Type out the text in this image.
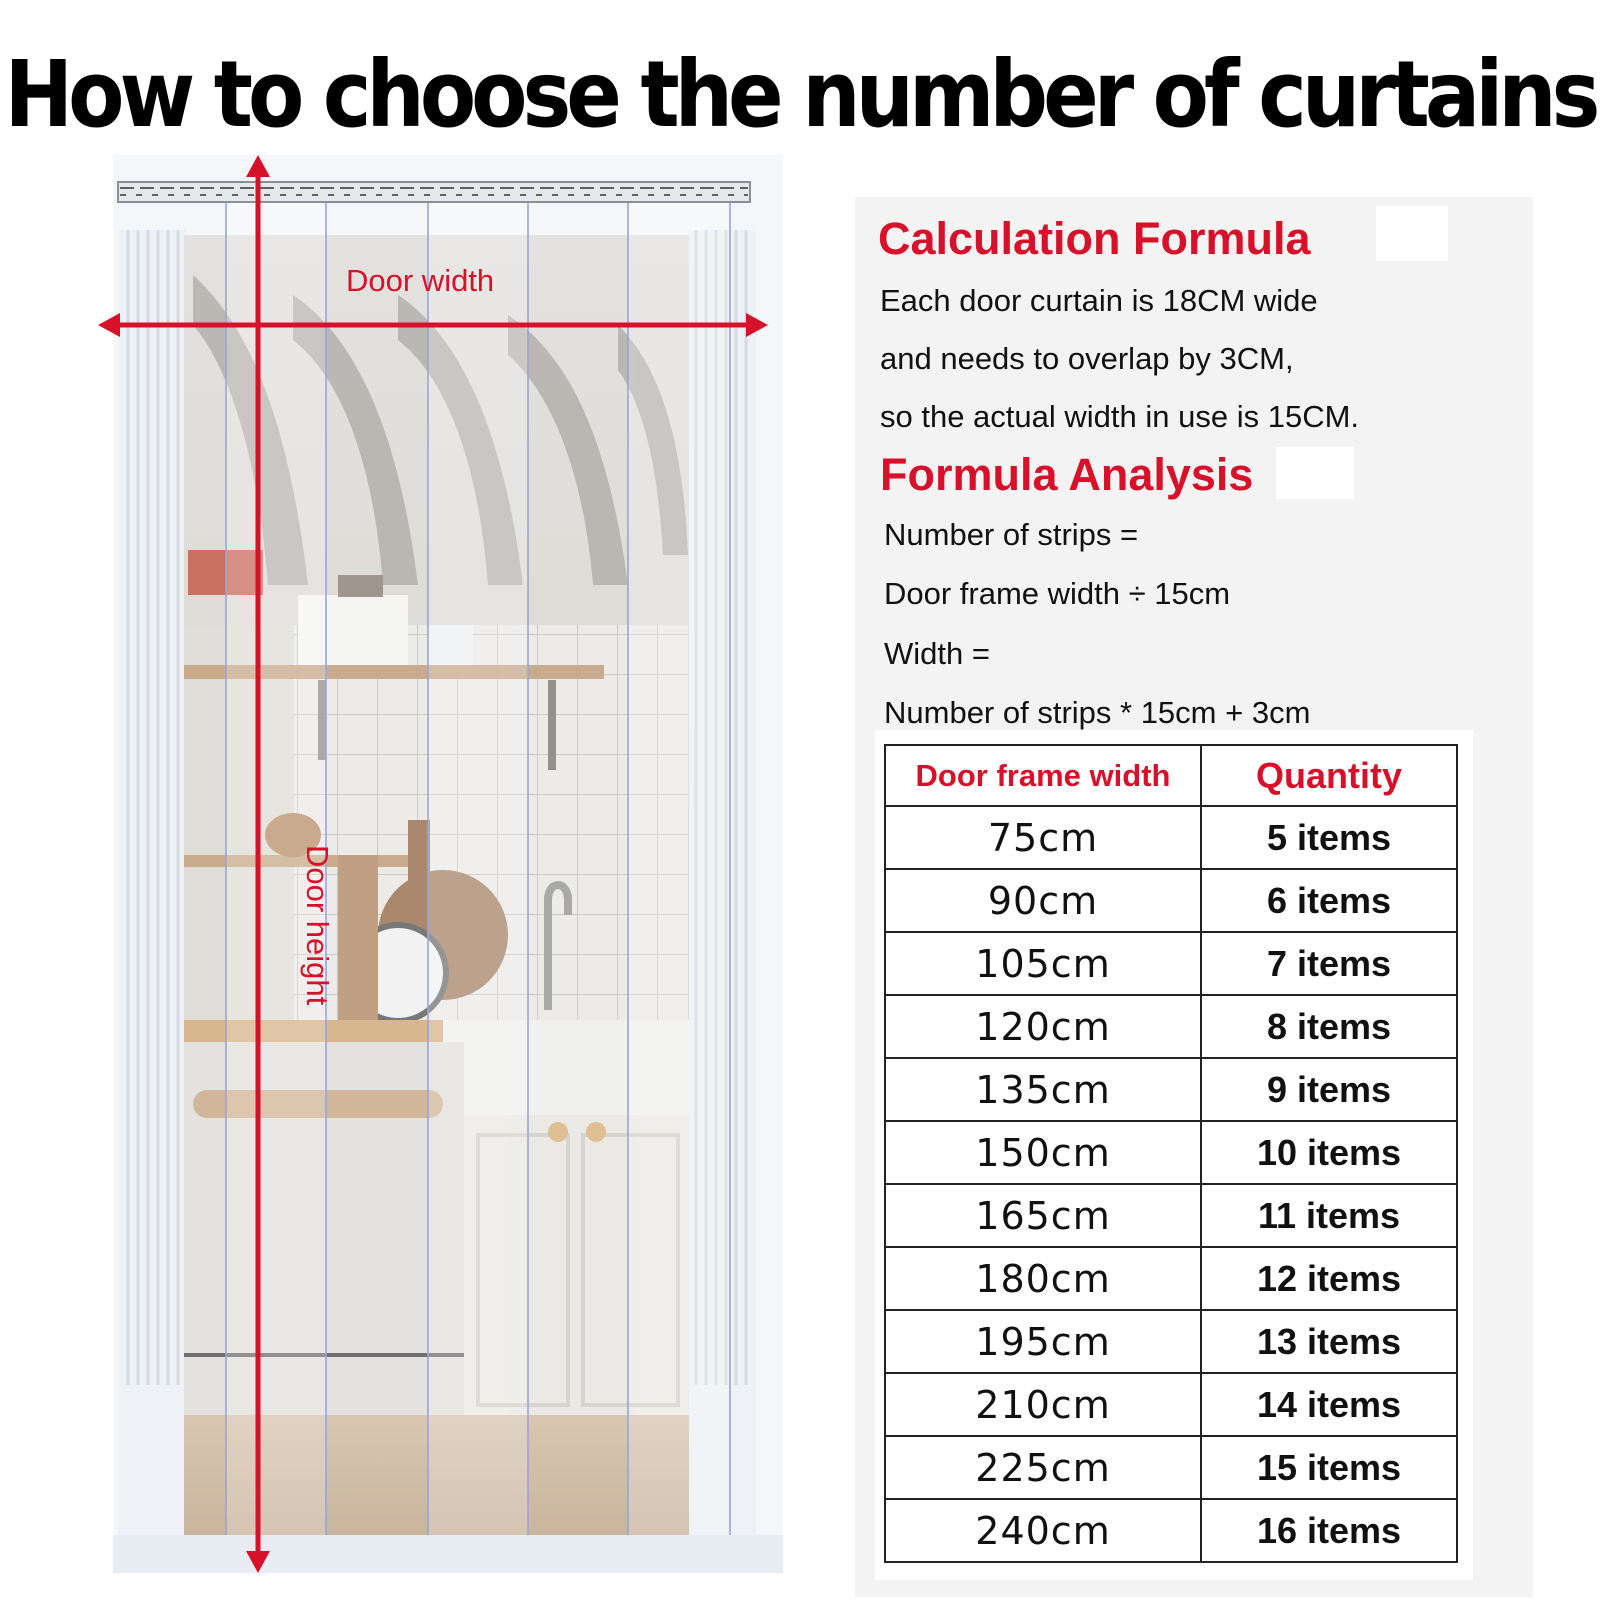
How to choose the number of curtains
Door width
Door height
Calculation Formula
Each door curtain is 18CM wide
and needs to overlap by 3CM,
so the actual width in use is 15CM.
Formula Analysis
Number of strips =
Door frame width ÷ 15cm
Width =
Number of strips * 15cm + 3cm
Door frame width	Quantity
75cm	5 items
90cm	6 items
105cm	7 items
120cm	8 items
135cm	9 items
150cm	10 items
165cm	11 items
180cm	12 items
195cm	13 items
210cm	14 items
225cm	15 items
240cm	16 items
